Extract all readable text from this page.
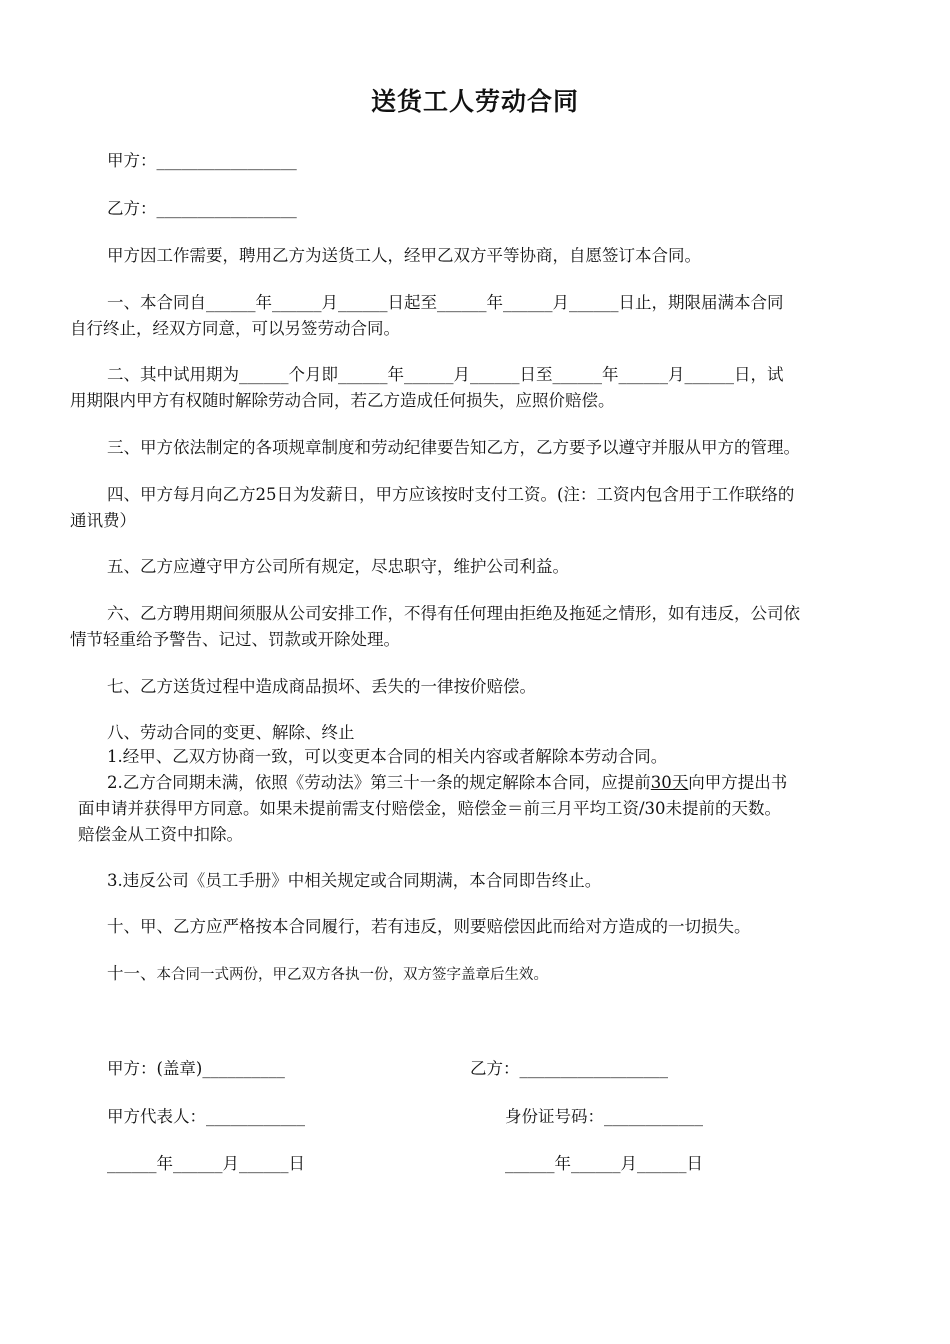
送货工人劳动合同
甲方：_________________
乙方：_________________
甲方因工作需要，聘用乙方为送货工人，经甲乙双方平等协商，自愿签订本合同。
一、本合同自______年______月______日起至______年______月______日止，期限届满本合同
自行终止，经双方同意，可以另签劳动合同。
二、其中试用期为______个月即______年______月______日至______年______月______日，试
用期限内甲方有权随时解除劳动合同，若乙方造成任何损失，应照价赔偿。
三、甲方依法制定的各项规章制度和劳动纪律要告知乙方，乙方要予以遵守并服从甲方的管理。
四、甲方每月向乙方25日为发薪日，甲方应该按时支付工资。(注：工资内包含用于工作联络的
通讯费）
五、乙方应遵守甲方公司所有规定，尽忠职守，维护公司利益。
六、乙方聘用期间须服从公司安排工作，不得有任何理由拒绝及拖延之情形，如有违反，公司依
情节轻重给予警告、记过、罚款或开除处理。
七、乙方送货过程中造成商品损坏、丢失的一律按价赔偿。
八、劳动合同的变更、解除、终止
1.经甲、乙双方协商一致，可以变更本合同的相关内容或者解除本劳动合同。
2.乙方合同期未满，依照《劳动法》第三十一条的规定解除本合同，应提前30天向甲方提出书
面申请并获得甲方同意。如果未提前需支付赔偿金，赔偿金＝前三月平均工资/30未提前的天数。
赔偿金从工资中扣除。
3.违反公司《员工手册》中相关规定或合同期满，本合同即告终止。
十、甲、乙方应严格按本合同履行，若有违反，则要赔偿因此而给对方造成的一切损失。
十一、本合同一式两份，甲乙双方各执一份，双方签字盖章后生效。
甲方：(盖章)__________	乙方：__________________
甲方代表人：____________	身份证号码：____________
______年______月______日	______年______月______日
